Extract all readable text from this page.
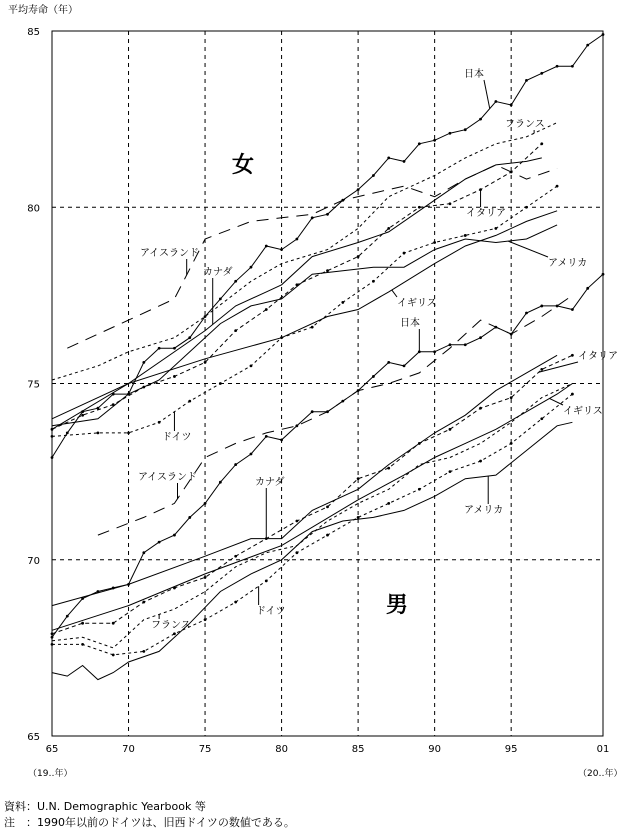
平均寿命（年）
65	70	75	80	85	90	95	01
65
70
75
80
85
日本
フランス
カナダ
アイスランド
イタリア
アメリカ
イギリス
ドイツ
日本
アイスランド	カナダ
イタリア
フランス
イギリス
アメリカ
ドイツ
女
男
（19‥年）	（20‥年）
資料：U.N. Demographic Yearbook 等
注　：1990年以前のドイツは、旧西ドイツの数値である。
